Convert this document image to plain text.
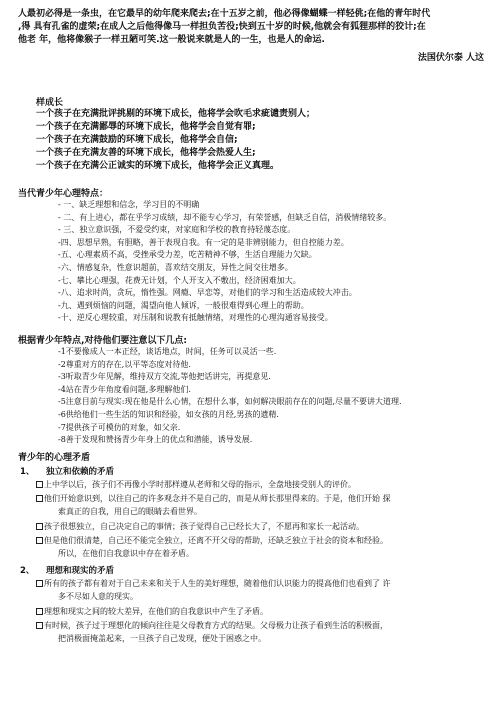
人最初必得是一条虫，在它最早的幼年爬来爬去;在十五岁之前，他必得像蝴蝶一样轻佻;在他的青年时代
,得 具有孔雀的虚荣;在成人之后他得像马一样担负苦役;快到五十岁的时候,他就会有狐狸那样的狡计;在
他老 年，他将像猴子一样丑陋可笑.这一般说来就是人的一生，也是人的命运.
法国伏尔泰 人这
样成长
一个孩子在充满批评挑剔的环境下成长，他将学会吹毛求疵谴责别人；
一个孩子在充满鄙辱的环境下成长，他将学会自觉有罪;
一个孩子在充满鼓励的环境下成长，他将学会自信;
一个孩子在充满友善的环境下成长，他将学会热爱人生;
一个孩子在充满公正诚实的环境下成长，他将学会正义真理。
当代青少年心理特点：
- 一、缺乏理想和信念，学习目的不明确
- 二、有上进心，都在乎学习成绩，却不能专心学习，有荣誉感，但缺乏自信，消极情绪较多。
- 三、独立意识强，不爱受约束，对家庭和学校的教育持轻蔑态度。
-四、思想早熟，有胆略，善于表现自我。有一定的是非辨别能力，但自控能力差。
-五、心理素质不高，受挫承受力差，吃苦精神不够，生活自理能力欠缺。
-六、情感复杂，性意识超前，喜欢结交朋友，异性之间交往增多。
-七、攀比心理强，花费无计划，个人开支入不敷出，经济困难加大。
-八、追求时尚，贪玩，惰性强。网瘾、早恋等，对他们的学习和生活造成较大冲击。
-九、遇到烦恼的问题，渴望向他人倾诉，一般很难得到心理上的帮助。
-十、逆反心理较重，对压制和说教有抵触情绪，对理性的心理沟通容易接受。
根据青少年特点,对待他们要注意以下几点:
-1不要像成人一本正经，谈话地点，时间，任务可以灵活一些.
-2尊重对方的存在,以平等态度对待他.
-3听取青少年见解，维持双方交流,等他把话讲完，再提意见.
-4站在青少年角度看问题,多理解他们.
-5注意目前与现实:现在他是什么心情，在想什么事，如何解决眼前存在的问题,尽量不要讲大道理.
-6供给他们一些生活的知识和经验，如女孩的月经,男孩的遗精.
-7提供孩子可模仿的对象，如父亲.
-8善于发现和赞扬青少年身上的优点和潜能，诱导发展.
青少年的心理矛盾
1、 独立和依赖的矛盾
上中学以后，孩子们不再像小学时那样遵从老师和父母的指示，全盘地接受别人的评价。
他们开始意识到，以往自己的许多观念并不是自己的，而是从师长那里得来的。于是，他们开始 探
索真正的自我，用自己的眼睛去看世界。
孩子很想独立，自己决定自己的事情；孩子觉得自己已经长大了，不愿再和家长一起活动。
但是他们很清楚，自己还不能完全独立，还离不开父母的帮助，还缺乏独立于社会的资本和经验。
所以，在他们自我意识中存在着矛盾。
2、 理想和现实的矛盾
所有的孩子都有着对于自己未来和关于人生的美好理想，随着他们认识能力的提高他们也看到了 许
多不尽如人意的现实。
理想和现实之间的较大差异，在他们的自我意识中产生了矛盾。
有时候，孩子过于理想化的倾向往往是父母教育方式的结果。父母极力让孩子看到生活的积极面，
把消极面掩盖起来，一旦孩子自己发现，便处于困惑之中。
